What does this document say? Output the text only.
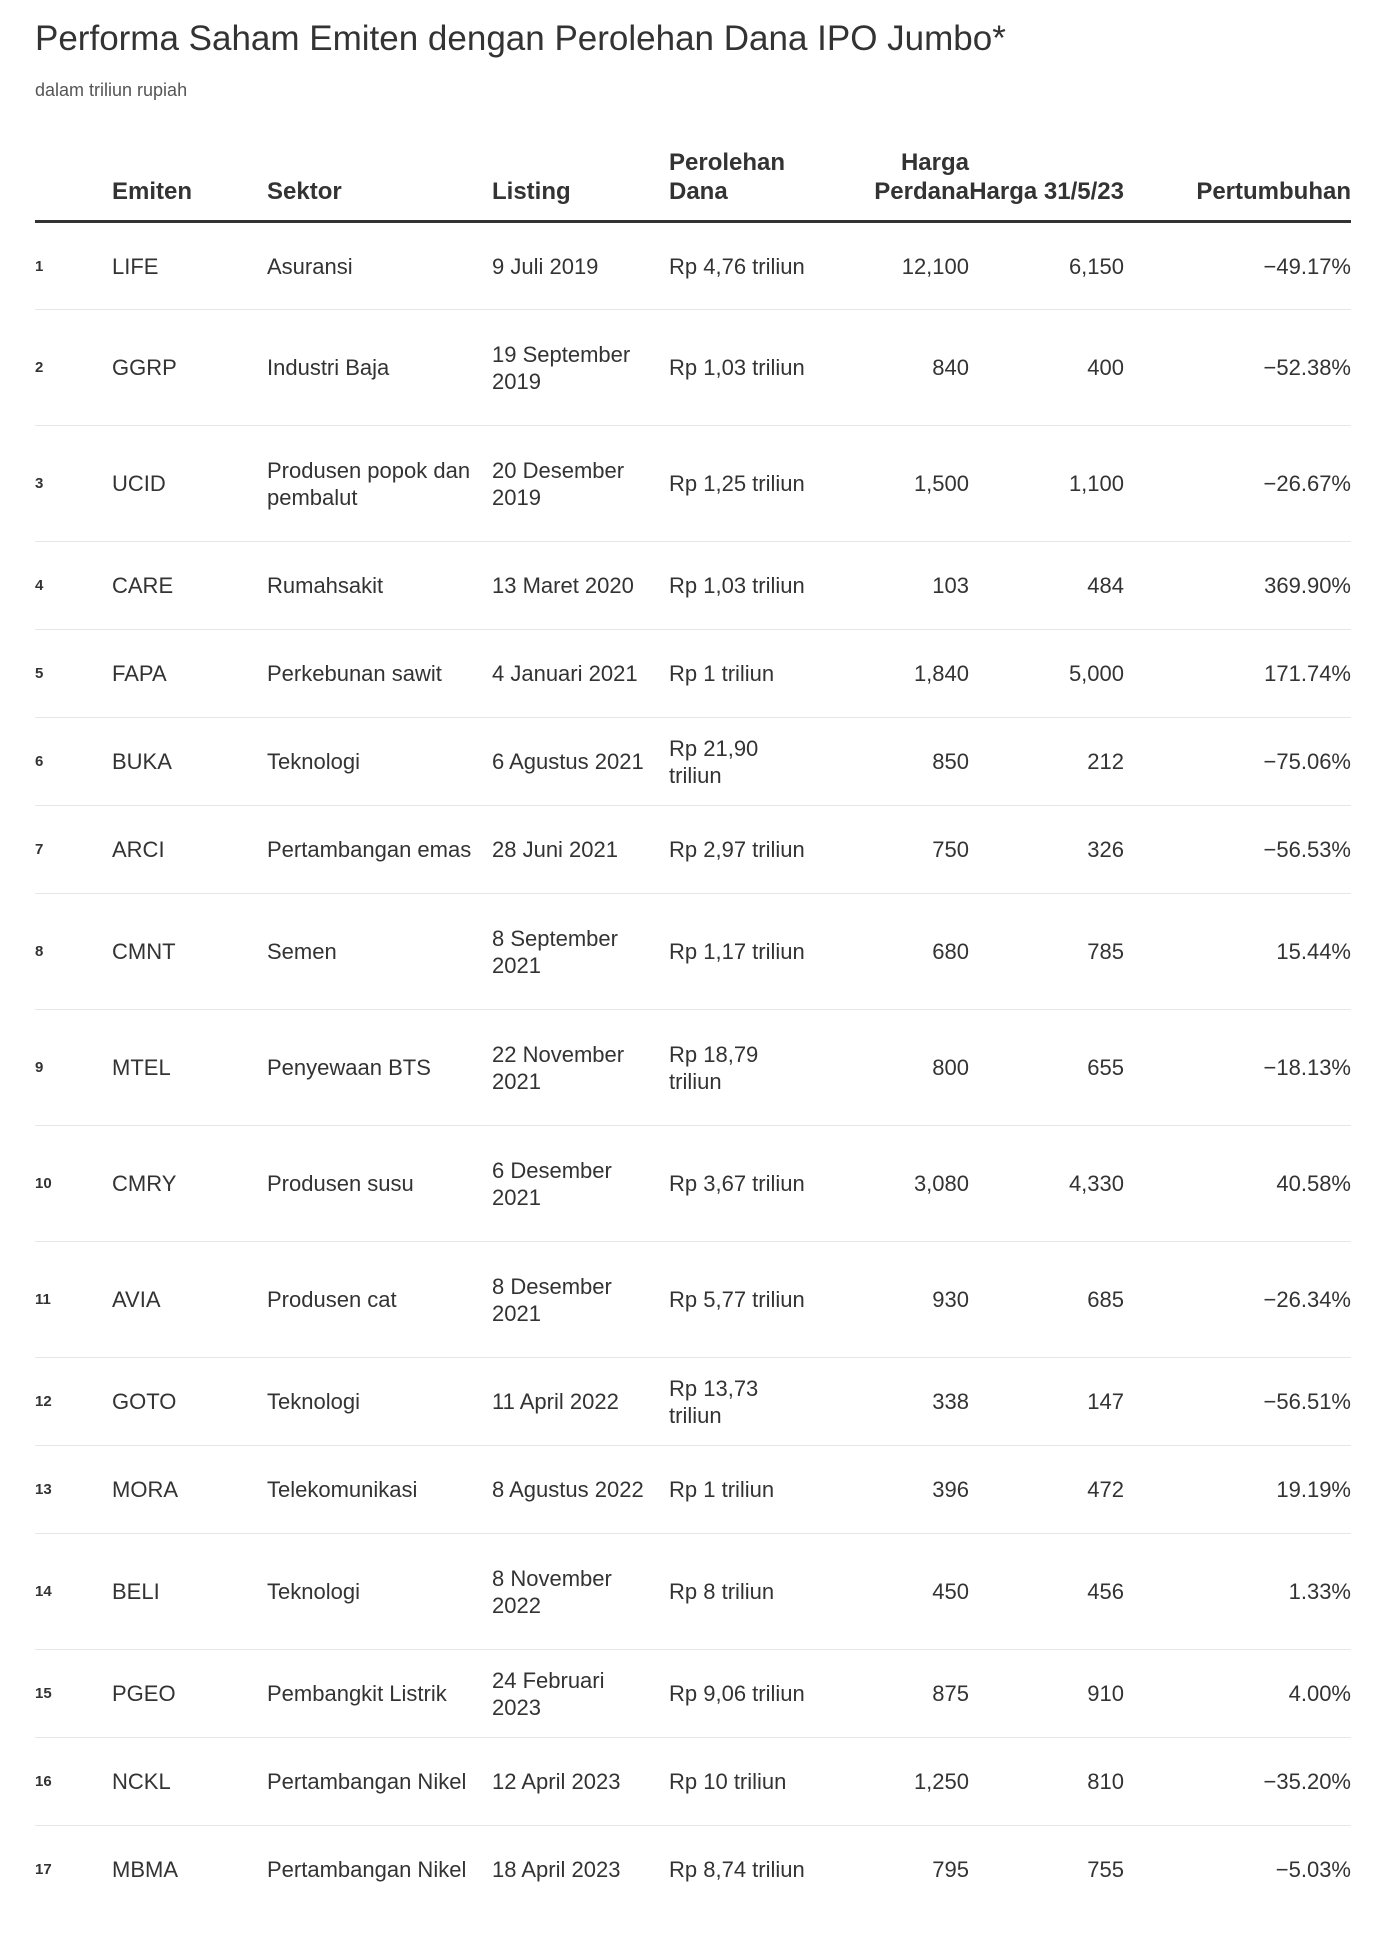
Performa Saham Emiten dengan Perolehan Dana IPO Jumbo*
dalam triliun rupiah
	Emiten	Sektor	Listing	Perolehan Dana	Harga Perdana	Harga 31/5/23	Pertumbuhan
1	LIFE	Asuransi	9 Juli 2019	Rp 4,76 triliun	12,100	6,150	−49.17%
2	GGRP	Industri Baja	19 September 2019	Rp 1,03 triliun	840	400	−52.38%
3	UCID	Produsen popok dan pembalut	20 Desember 2019	Rp 1,25 triliun	1,500	1,100	−26.67%
4	CARE	Rumahsakit	13 Maret 2020	Rp 1,03 triliun	103	484	369.90%
5	FAPA	Perkebunan sawit	4 Januari 2021	Rp 1 triliun	1,840	5,000	171.74%
6	BUKA	Teknologi	6 Agustus 2021	Rp 21,90 triliun	850	212	−75.06%
7	ARCI	Pertambangan emas	28 Juni 2021	Rp 2,97 triliun	750	326	−56.53%
8	CMNT	Semen	8 September 2021	Rp 1,17 triliun	680	785	15.44%
9	MTEL	Penyewaan BTS	22 November 2021	Rp 18,79 triliun	800	655	−18.13%
10	CMRY	Produsen susu	6 Desember 2021	Rp 3,67 triliun	3,080	4,330	40.58%
11	AVIA	Produsen cat	8 Desember 2021	Rp 5,77 triliun	930	685	−26.34%
12	GOTO	Teknologi	11 April 2022	Rp 13,73 triliun	338	147	−56.51%
13	MORA	Telekomunikasi	8 Agustus 2022	Rp 1 triliun	396	472	19.19%
14	BELI	Teknologi	8 November 2022	Rp 8 triliun	450	456	1.33%
15	PGEO	Pembangkit Listrik	24 Februari 2023	Rp 9,06 triliun	875	910	4.00%
16	NCKL	Pertambangan Nikel	12 April 2023	Rp 10 triliun	1,250	810	−35.20%
17	MBMA	Pertambangan Nikel	18 April 2023	Rp 8,74 triliun	795	755	−5.03%
